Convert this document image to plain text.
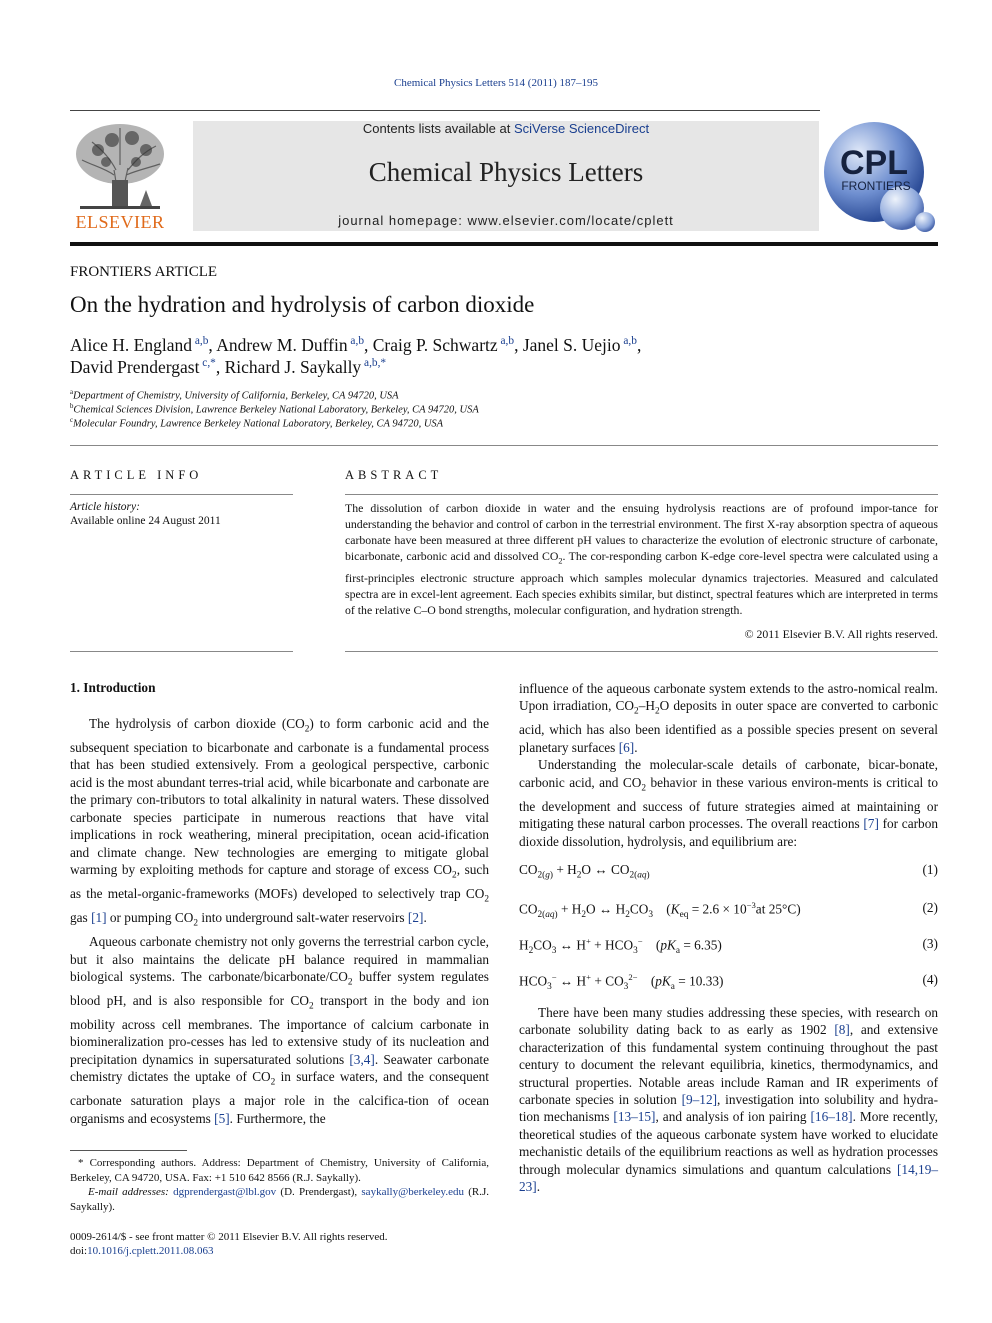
Chemical Physics Letters 514 (2011) 187–195
ELSEVIER
Contents lists available at SciVerse ScienceDirect
Chemical Physics Letters
journal homepage: www.elsevier.com/locate/cplett
CPL
FRONTIERS
FRONTIERS ARTICLE
On the hydration and hydrolysis of carbon dioxide
Alice H. England $^{a,b}$, Andrew M. Duffin $^{a,b}$, Craig P. Schwartz $^{a,b}$, Janel S. Uejio $^{a,b}$,
David Prendergast $^{c,*}$, Richard J. Saykally $^{a,b,*}$
$^a$Department of Chemistry, University of California, Berkeley, CA 94720, USA
$^b$Chemical Sciences Division, Lawrence Berkeley National Laboratory, Berkeley, CA 94720, USA
$^c$Molecular Foundry, Lawrence Berkeley National Laboratory, Berkeley, CA 94720, USA
ARTICLE INFO	ABSTRACT
Article history:
Available online 24 August 2011
The dissolution of carbon dioxide in water and the ensuing hydrolysis reactions are of profound impor-tance for understanding the behavior and control of carbon in the terrestrial environment. The first X-ray absorption spectra of aqueous carbonate have been measured at three different pH values to characterize the evolution of electronic structure of carbonate, bicarbonate, carbonic acid and dissolved $CO_2$. The cor-responding carbon K-edge core-level spectra were calculated using a first-principles electronic structure approach which samples molecular dynamics trajectories. Measured and calculated spectra are in excel-lent agreement. Each species exhibits similar, but distinct, spectral features which are interpreted in terms of the relative C–O bond strengths, molecular configuration, and hydration strength.
© 2011 Elsevier B.V. All rights reserved.
1. Introduction

The hydrolysis of carbon dioxide $(CO_2)$ to form carbonic acid and the subsequent speciation to bicarbonate and carbonate is a fundamental process that has been studied extensively. From a geological perspective, carbonic acid is the most abundant terres-trial acid, while bicarbonate and carbonate are the primary con-tributors to total alkalinity in natural waters. These dissolved carbonate species participate in numerous reactions that have vital implications in rock weathering, mineral precipitation, ocean acid-ification and climate change. New technologies are emerging to mitigate global warming by exploiting methods for capture and storage of excess $CO_2$, such as the metal-organic-frameworks (MOFs) developed to selectively trap $CO_2$ gas [1] or pumping $CO_2$ into underground salt-water reservoirs [2].

Aqueous carbonate chemistry not only governs the terrestrial carbon cycle, but it also maintains the delicate pH balance required in mammalian biological systems. The carbonate/$bicarbonate/CO_2$ buffer system regulates blood pH, and is also responsible for $CO_2$ transport in the body and ion mobility across cell membranes. The importance of calcium carbonate in biomineralization pro-cesses has led to extensive study of its nucleation and precipitation dynamics in supersaturated solutions [3,4]. Seawater carbonate chemistry dictates the uptake of $CO_2$ in surface waters, and the consequent carbonate saturation plays a major role in the calcifica-tion of ocean organisms and ecosystems [5]. Furthermore, the

influence of the aqueous carbonate system extends to the astro-nomical realm. Upon irradiation, $CO_2-H_2O$ deposits in outer space are converted to carbonic acid, which has also been identified as a possible species present on several planetary surfaces [6].

Understanding the molecular-scale details of carbonate, bicar-bonate, carbonic acid, and $CO_2$ behavior in these various environ-ments is critical to the development and success of future strategies aimed at maintaining or mitigating these natural carbon processes. The overall reactions [7] for carbon dioxide dissolution, hydrolysis, and equilibrium are:

$CO_{2(g)} + H_2O$ ↔ $CO_{2(aq)}$	(1)
$CO_{2(aq)} + H_2O$ ↔ $H_2CO_3$    ($K_{eq} = 2.6 \times 10^{-3}at$ 25°C)	(2)
$H_2CO_3$ ↔ $H^+ + HCO_3^-$    $(pK_a = 6.35)$	(3)
$HCO_3^-$ ↔ $H^+ + CO_3^{2-}$    $(pK_a = 10.33)$	(4)
There have been many studies addressing these species, with research on carbonate solubility dating back to as early as 1902 [8], and extensive characterization of this fundamental system continuing throughout the past century to document the relevant equilibria, kinetics, thermodynamics, and structural properties. Notable areas include Raman and IR experiments of carbonate species in solution [9–12], investigation into solubility and hydra-tion mechanisms [13–15], and analysis of ion pairing [16–18]. More recently, theoretical studies of the aqueous carbonate system have worked to elucidate mechanistic details of the equilibrium reactions as well as hydration processes through molecular dynamics simulations and quantum calculations [14,19–23].
* Corresponding authors. Address: Department of Chemistry, University of California, Berkeley, CA 94720, USA. Fax: +1 510 642 8566 (R.J. Saykally).
E-mail addresses: dgprendergast@lbl.gov (D. Prendergast), saykally@berkeley.edu (R.J. Saykally).
0009-2614/$ - see front matter © 2011 Elsevier B.V. All rights reserved.
doi:10.1016/j.cplett.2011.08.063
